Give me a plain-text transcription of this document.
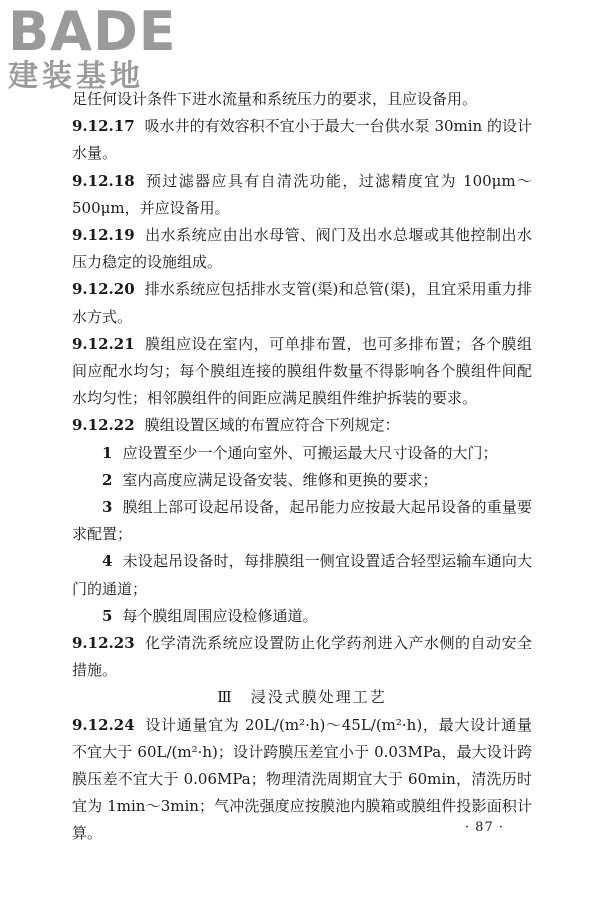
BADE
建装基地

足任何设计条件下进水流量和系统压力的要求，且应设备用。

9.12.17 吸水井的有效容积不宜小于最大一台供水泵 30min 的设计水量。

9.12.18 预过滤器应具有自清洗功能，过滤精度宜为 100μm～500μm，并应设备用。

9.12.19 出水系统应由出水母管、阀门及出水总堰或其他控制出水压力稳定的设施组成。

9.12.20 排水系统应包括排水支管(渠)和总管(渠)，且宜采用重力排水方式。

9.12.21 膜组应设在室内，可单排布置，也可多排布置；各个膜组间应配水均匀；每个膜组连接的膜组件数量不得影响各个膜组件间配水均匀性；相邻膜组件的间距应满足膜组件维护拆装的要求。

9.12.22 膜组设置区域的布置应符合下列规定：

1 应设置至少一个通向室外、可搬运最大尺寸设备的大门；

2 室内高度应满足设备安装、维修和更换的要求；

3 膜组上部可设起吊设备，起吊能力应按最大起吊设备的重量要求配置；

4 未设起吊设备时，每排膜组一侧宜设置适合轻型运输车通向大门的通道；

5 每个膜组周围应设检修通道。

9.12.23 化学清洗系统应设置防止化学药剂进入产水侧的自动安全措施。

Ⅲ　浸没式膜处理工艺

9.12.24 设计通量宜为 20L/(m²·h)～45L/(m²·h)，最大设计通量不宜大于 60L/(m²·h)；设计跨膜压差宜小于 0.03MPa，最大设计跨膜压差不宜大于 0.06MPa；物理清洗周期宜大于 60min，清洗历时宜为 1min～3min；气冲洗强度应按膜池内膜箱或膜组件投影面积计算。	· 87 ·
